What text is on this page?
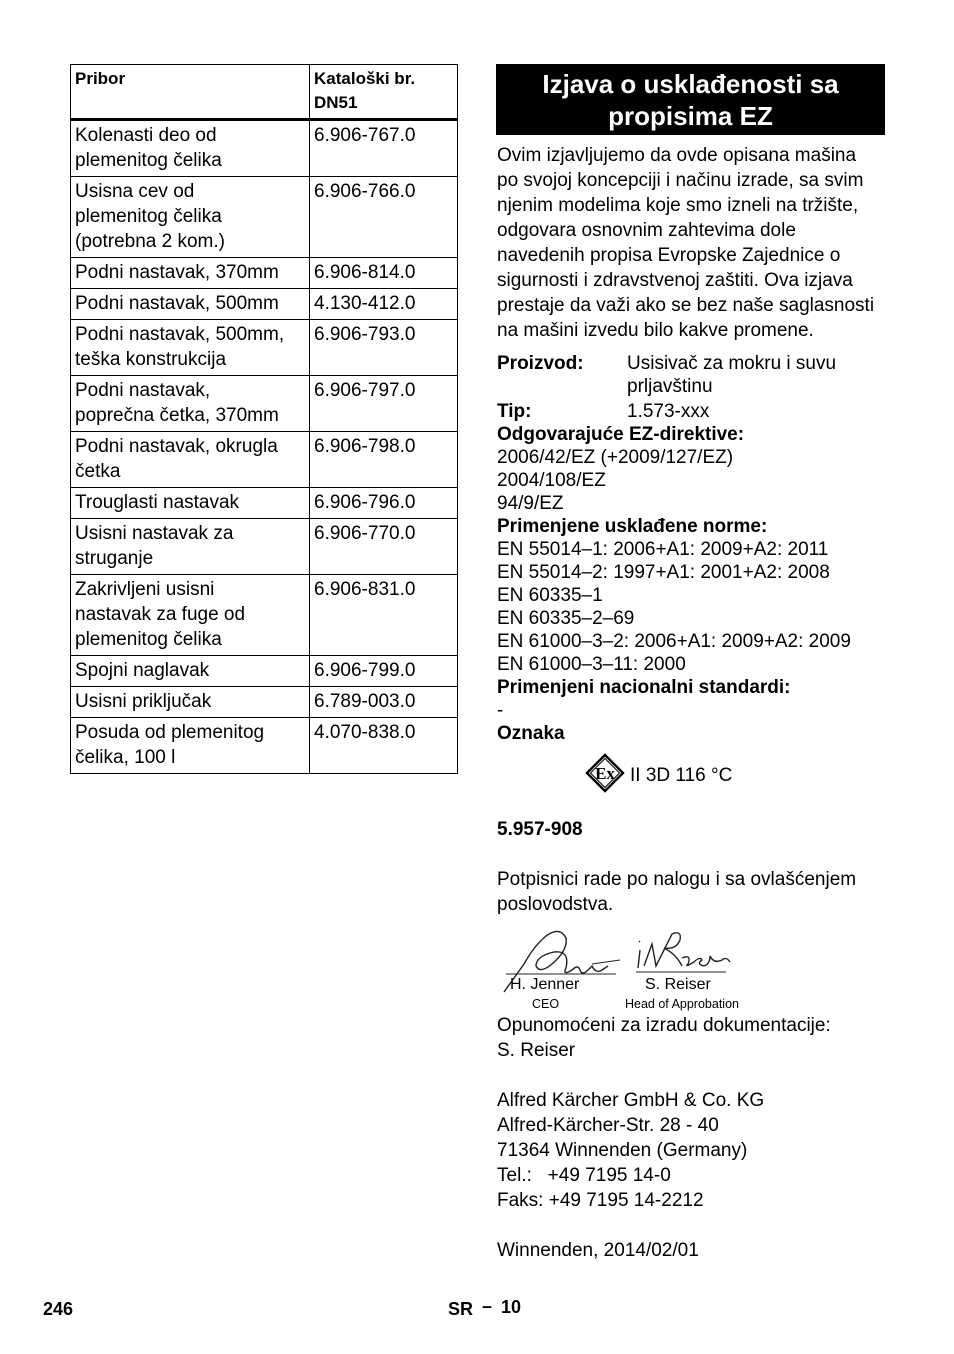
Pribor	Kataloški br.
DN51

Kolenasti deo od
plemenitog čelika	6.906-767.0

Usisna cev od
plemenitog čelika
(potrebna 2 kom.)	6.906-766.0

Podni nastavak, 370mm	6.906-814.0

Podni nastavak, 500mm	4.130-412.0

Podni nastavak, 500mm,
teška konstrukcija	6.906-793.0

Podni nastavak,
poprečna četka, 370mm	6.906-797.0

Podni nastavak, okrugla
četka	6.906-798.0

Trouglasti nastavak	6.906-796.0

Usisni nastavak za
struganje	6.906-770.0

Zakrivljeni usisni
nastavak za fuge od
plemenitog čelika	6.906-831.0

Spojni naglavak	6.906-799.0

Usisni priključak	6.789-003.0

Posuda od plemenitog
čelika, 100 l	4.070-838.0
Izjava o usklađenosti sa
propisima EZ
Ovim izjavljujemo da ovde opisana mašina
po svojoj koncepciji i načinu izrade, sa svim
njenim modelima koje smo izneli na tržište,
odgovara osnovnim zahtevima dole
navedenih propisa Evropske Zajednice o
sigurnosti i zdravstvenoj zaštiti. Ova izjava
prestaje da važi ako se bez naše saglasnosti
na mašini izvedu bilo kakve promene.
Proizvod: Usisivač za mokru i suvu
prljavštinu
Tip:	1.573-xxx
Odgovarajuće EZ-direktive:
2006/42/EZ (+2009/127/EZ)
2004/108/EZ
94/9/EZ
Primenjene usklađene norme:
EN 55014–1: 2006+A1: 2009+A2: 2011
EN 55014–2: 1997+A1: 2001+A2: 2008
EN 60335–1
EN 60335–2–69
EN 61000–3–2: 2006+A1: 2009+A2: 2009
EN 61000–3–11: 2000
Primenjeni nacionalni standardi:
-
Oznaka
Ex II 3D 116 °C
5.957-908
Potpisnici rade po nalogu i sa ovlašćenjem
poslovodstva.
H. Jenner
CEO
S. Reiser
Head of Approbation
Opunomoćeni za izradu dokumentacije:
S. Reiser
Alfred Kärcher GmbH & Co. KG
Alfred-Kärcher-Str. 28 - 40
71364 Winnenden (Germany)
Tel.:   +49 7195 14-0
Faks: +49 7195 14-2212
Winnenden, 2014/02/01
246	SR – 10
